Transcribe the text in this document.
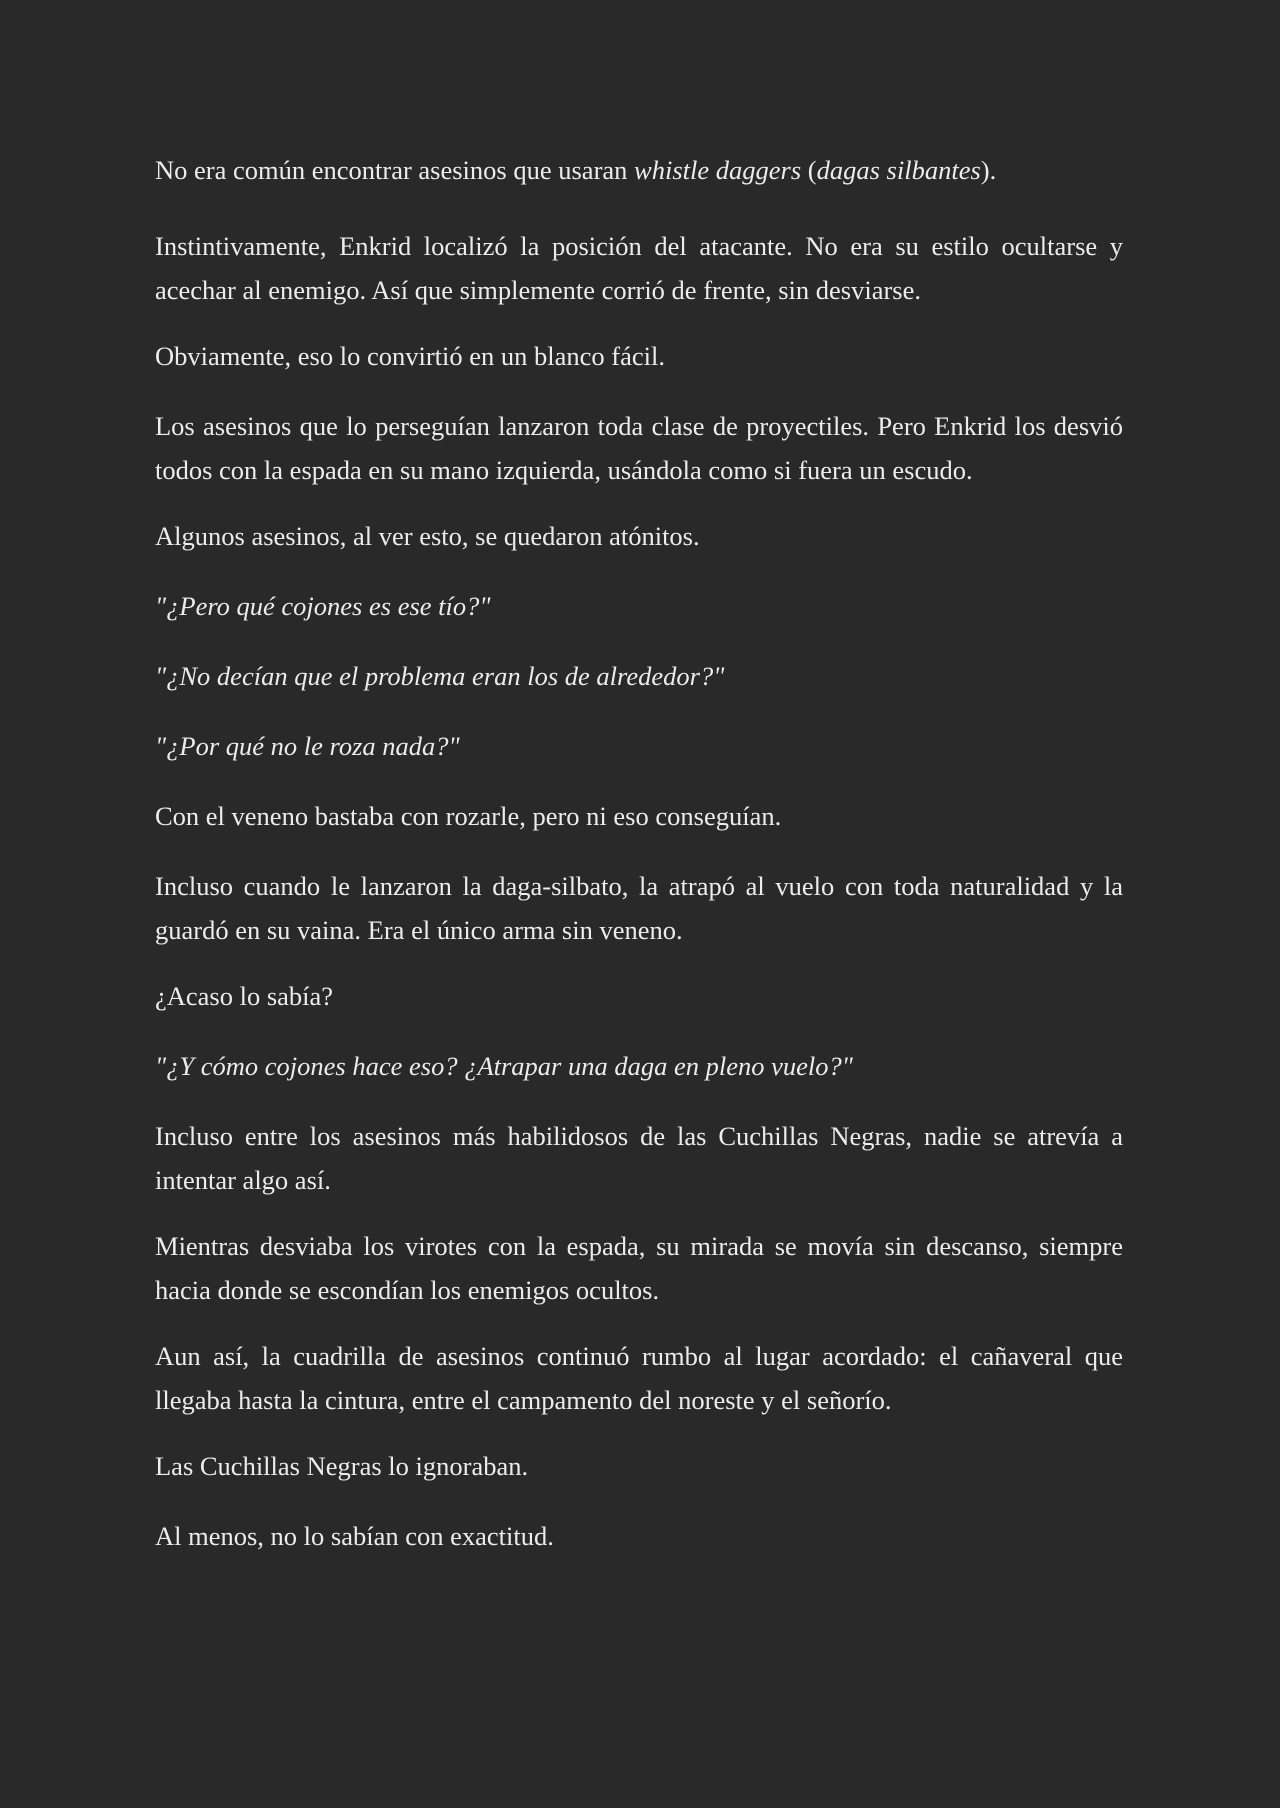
No era común encontrar asesinos que usaran whistle daggers (dagas silbantes).

Instintivamente, Enkrid localizó la posición del atacante. No era su estilo ocultarse y acechar al enemigo. Así que simplemente corrió de frente, sin desviarse.

Obviamente, eso lo convirtió en un blanco fácil.

Los asesinos que lo perseguían lanzaron toda clase de proyectiles. Pero Enkrid los desvió todos con la espada en su mano izquierda, usándola como si fuera un escudo.

Algunos asesinos, al ver esto, se quedaron atónitos.

"¿Pero qué cojones es ese tío?"

"¿No decían que el problema eran los de alrededor?"

"¿Por qué no le roza nada?"

Con el veneno bastaba con rozarle, pero ni eso conseguían.

Incluso cuando le lanzaron la daga-silbato, la atrapó al vuelo con toda naturalidad y la guardó en su vaina. Era el único arma sin veneno.

¿Acaso lo sabía?

"¿Y cómo cojones hace eso? ¿Atrapar una daga en pleno vuelo?"

Incluso entre los asesinos más habilidosos de las Cuchillas Negras, nadie se atrevía a intentar algo así.

Mientras desviaba los virotes con la espada, su mirada se movía sin descanso, siempre hacia donde se escondían los enemigos ocultos.

Aun así, la cuadrilla de asesinos continuó rumbo al lugar acordado: el cañaveral que llegaba hasta la cintura, entre el campamento del noreste y el señorío.

Las Cuchillas Negras lo ignoraban.

Al menos, no lo sabían con exactitud.
